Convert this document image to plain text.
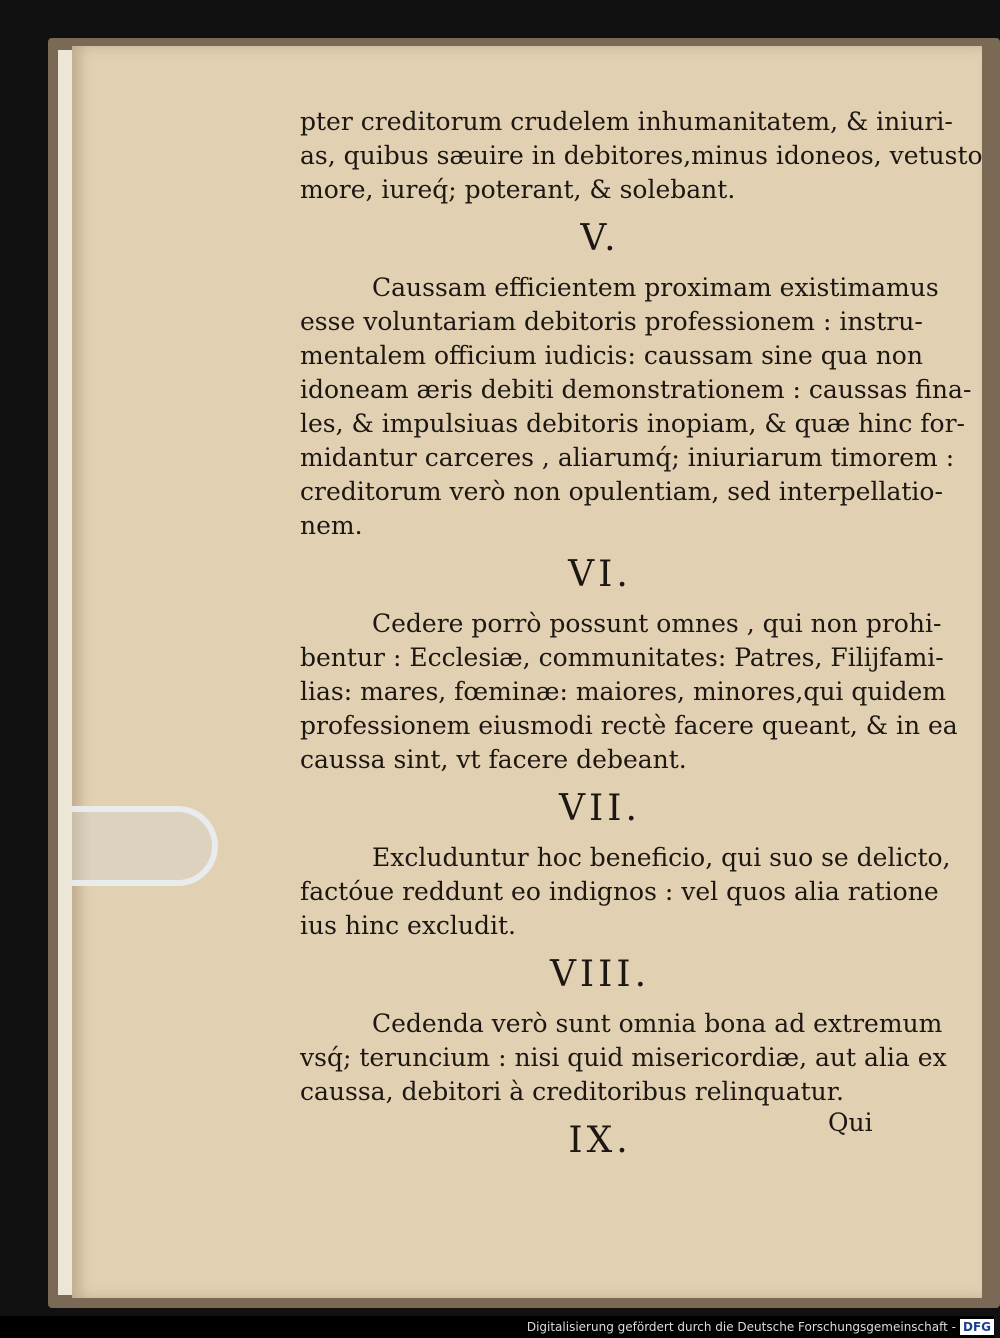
pter creditorum crudelem inhumanitatem, & iniuri-
as, quibus sæuire in debitores,minus idoneos, vetusto
more, iureq́; poterant, & solebant.
V.
Caussam efficientem proximam existimamus
esse voluntariam debitoris professionem : instru-
mentalem officium iudicis: caussam sine qua non
idoneam æris debiti demonstrationem : caussas fina-
les, & impulsiuas debitoris inopiam, & quæ hinc for-
midantur carceres , aliarumq́; iniuriarum timorem :
creditorum verò non opulentiam, sed interpellatio-
nem.
VI.
Cedere porrò possunt omnes , qui non prohi-
bentur : Ecclesiæ, communitates: Patres, Filijfami-
lias: mares, fœminæ: maiores, minores,qui quidem
professionem eiusmodi rectè facere queant, & in ea
caussa sint, vt facere debeant.
VII.
Excluduntur hoc beneficio, qui suo se delicto,
factóue reddunt eo indignos : vel quos alia ratione
ius hinc excludit.
VIII.
Cedenda verò sunt omnia bona ad extremum
vsq́; teruncium : nisi quid misericordiæ, aut alia ex
caussa, debitori à creditoribus relinquatur.
IX.	Qui
Digitalisierung gefördert durch die Deutsche Forschungsgemeinschaft - DFG
